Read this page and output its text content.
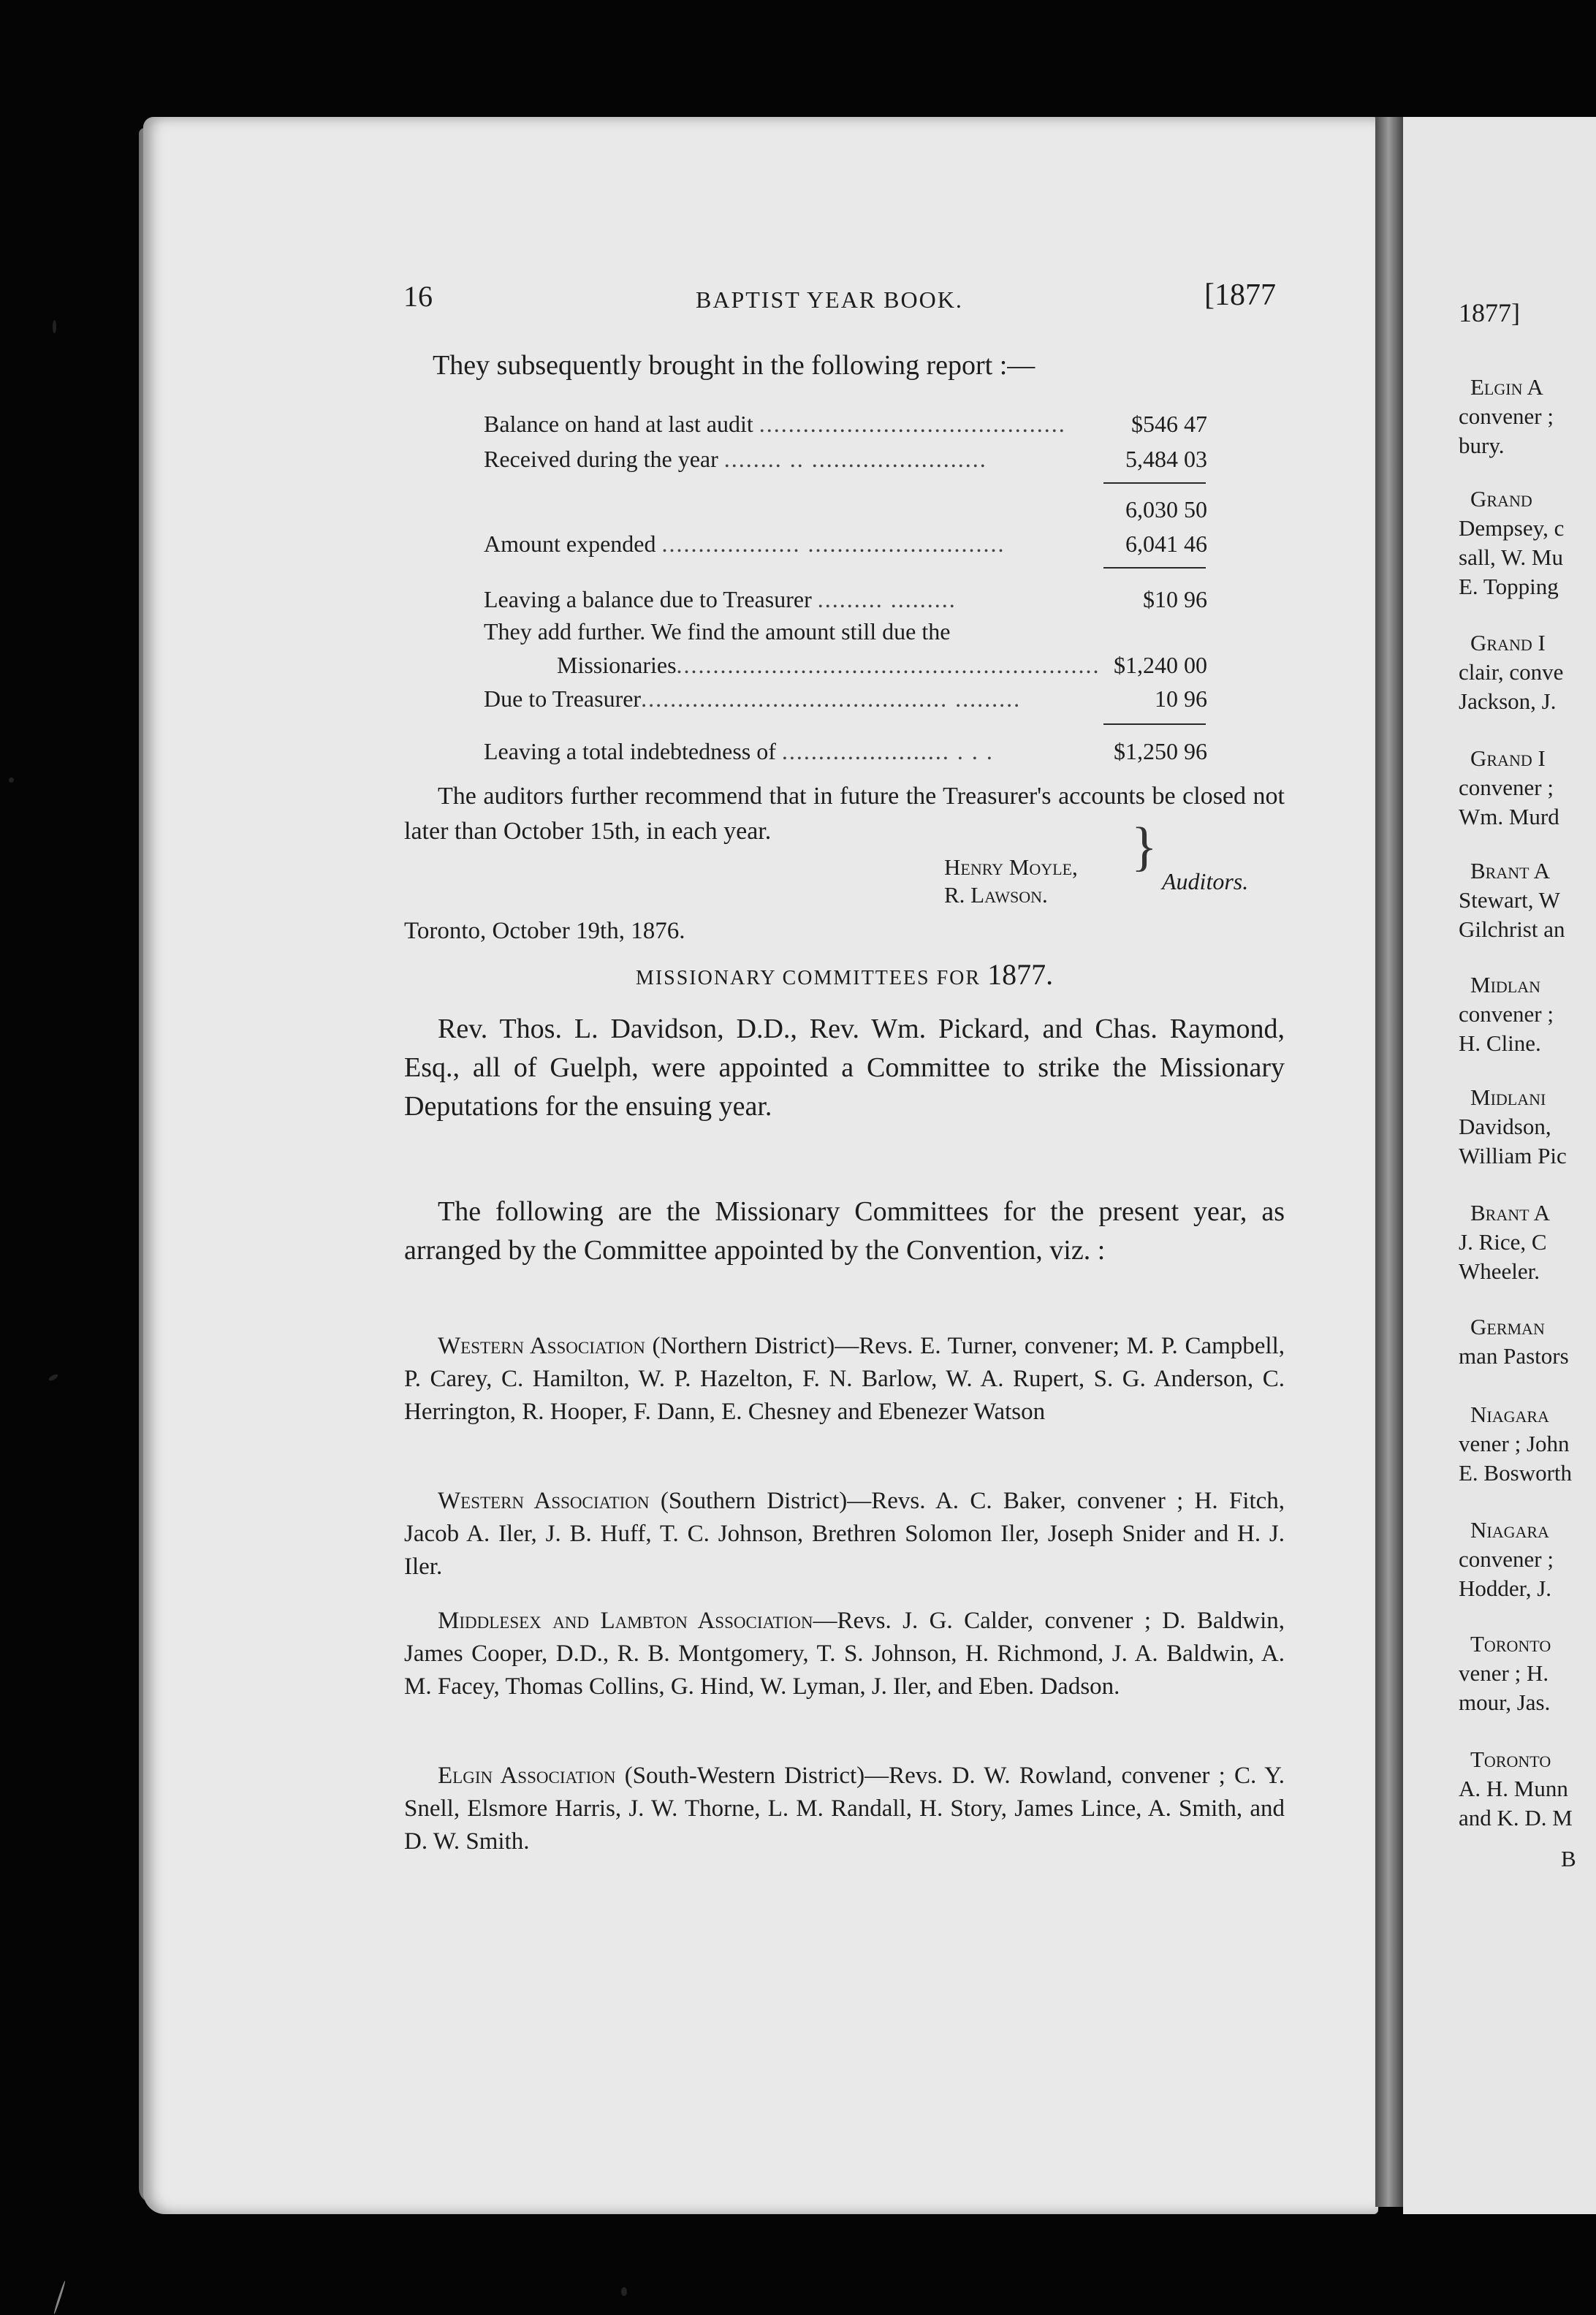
1877]
Elgin A
convener ;
bury.
Grand
Dempsey, c
sall, W. Mu
E. Topping
Grand I
clair, conve
Jackson, J.
Grand I
convener ;
Wm. Murd
Brant A
Stewart, W
Gilchrist an
Midlan
convener ;
H. Cline.
Midlani
Davidson,
William Pic
Brant A
J. Rice, C
Wheeler.
German
man Pastors
Niagara
vener ; John
E. Bosworth
Niagara
convener ;
Hodder, J.
Toronto
vener ; H.
mour, Jas.
Toronto
A. H. Munn
and K. D. M
B
16	BAPTIST YEAR BOOK.	[1877
They subsequently brought in the following report :—
Balance on hand at last audit ..........................................	$546 47
Received during the year ........ .. ........................	5,484 03
6,030 50
Amount expended ................... ...........................	6,041 46
Leaving a balance due to Treasurer ......... .........	$10 96
They add further. We find the amount still due the
Missionaries.......................................................... $1,240 00
Due to Treasurer.......................................... .........	10 96
Leaving a total indebtedness of ....................... . . .	$1,250 96
The auditors further recommend that in future the Treasurer's accounts be closed not later than October 15th, in each year.
Henry Moyle,
R. Lawson.
}
Auditors.
Toronto, October 19th, 1876.
MISSIONARY COMMITTEES FOR 1877.
Rev. Thos. L. Davidson, D.D., Rev. Wm. Pickard, and Chas. Raymond, Esq., all of Guelph, were appointed a Committee to strike the Missionary Deputations for the ensuing year.
The following are the Missionary Committees for the present year, as arranged by the Committee appointed by the Convention, viz. :
Western Association (Northern District)—Revs. E. Turner, convener; M. P. Campbell, P. Carey, C. Hamilton, W. P. Hazelton, F. N. Barlow, W. A. Rupert, S. G. Anderson, C. Herrington, R. Hooper, F. Dann, E. Chesney and Ebenezer Watson
Western Association (Southern District)—Revs. A. C. Baker, convener ; H. Fitch, Jacob A. Iler, J. B. Huff, T. C. Johnson, Brethren Solomon Iler, Joseph Snider and H. J. Iler.
Middlesex and Lambton Association—Revs. J. G. Calder, convener ; D. Baldwin, James Cooper, D.D., R. B. Montgomery, T. S. Johnson, H. Richmond, J. A. Baldwin, A. M. Facey, Thomas Collins, G. Hind, W. Lyman, J. Iler, and Eben. Dadson.
Elgin Association (South-Western District)—Revs. D. W. Rowland, convener ; C. Y. Snell, Elsmore Harris, J. W. Thorne, L. M. Randall, H. Story, James Lince, A. Smith, and D. W. Smith.
